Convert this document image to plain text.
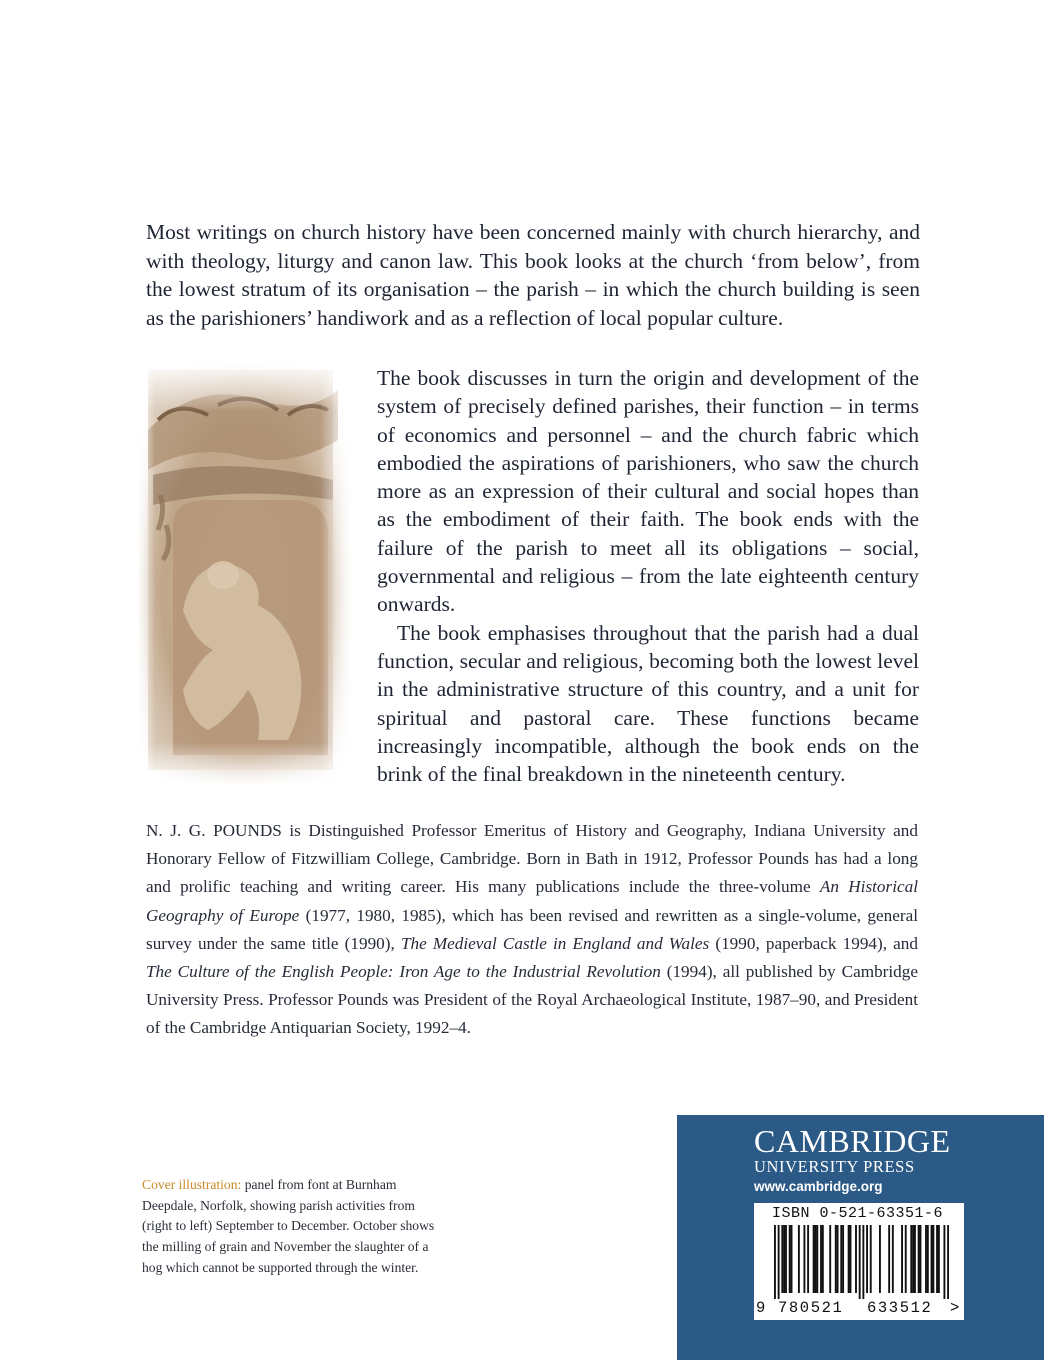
Most writings on church history have been concerned mainly with church hierarchy, and with theology, liturgy and canon law. This book looks at the church ‘from below’, from the lowest stratum of its organisation – the parish – in which the church building is seen as the parishioners’ handiwork and as a reflection of local popular culture.

The book discusses in turn the origin and development of the system of precisely defined parishes, their function – in terms of economics and personnel – and the church fabric which embodied the aspirations of parishioners, who saw the church more as an expression of their cultural and social hopes than as the embodiment of their faith. The book ends with the failure of the parish to meet all its obligations – social, governmental and religious – from the late eighteenth century onwards.

The book emphasises throughout that the parish had a dual function, secular and religious, becoming both the lowest level in the administrative structure of this country, and a unit for spiritual and pastoral care. These functions became increasingly incompatible, although the book ends on the brink of the final breakdown in the nineteenth century.

N. J. G. POUNDS is Distinguished Professor Emeritus of History and Geography, Indiana University and Honorary Fellow of Fitzwilliam College, Cambridge. Born in Bath in 1912, Professor Pounds has had a long and prolific teaching and writing career. His many publications include the three-volume An Historical Geography of Europe (1977, 1980, 1985), which has been revised and rewritten as a single-volume, general survey under the same title (1990), The Medieval Castle in England and Wales (1990, paperback 1994), and The Culture of the English People: Iron Age to the Industrial Revolution (1994), all published by Cambridge University Press. Professor Pounds was President of the Royal Archaeological Institute, 1987–90, and President of the Cambridge Antiquarian Society, 1992–4.

Cover illustration: panel from font at Burnham Deepdale, Norfolk, showing parish activities from (right to left) September to December. October shows the milling of grain and November the slaughter of a hog which cannot be supported through the winter.

CAMBRIDGE
UNIVERSITY PRESS
www.cambridge.org
ISBN 0-521-63351-6
9 780521 633512 >
